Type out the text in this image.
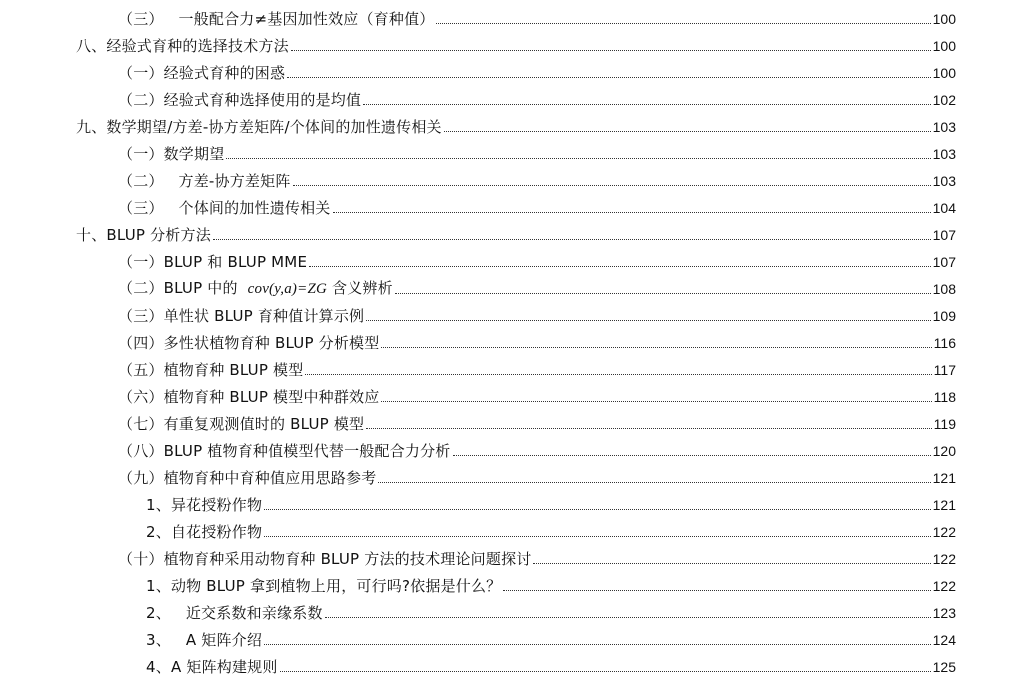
（三）   一般配合力≠基因加性效应（育种值）	100
八、经验式育种的选择技术方法	100
（一）经验式育种的困惑	100
（二）经验式育种选择使用的是均值	102
九、数学期望/方差-协方差矩阵/个体间的加性遗传相关	103
（一）数学期望	103
（二）   方差-协方差矩阵	103
（三）   个体间的加性遗传相关	104
十、BLUP 分析方法	107
（一）BLUP 和 BLUP MME	107
（二）BLUP 中的  cov(y,a)=ZG 含义辨析	108
（三）单性状 BLUP 育种值计算示例	109
（四）多性状植物育种 BLUP 分析模型	116
（五）植物育种 BLUP 模型	117
（六）植物育种 BLUP 模型中种群效应	118
（七）有重复观测值时的 BLUP 模型	119
（八）BLUP 植物育种值模型代替一般配合力分析	120
（九）植物育种中育种值应用思路参考	121
1、异花授粉作物	121
2、自花授粉作物	122
（十）植物育种采用动物育种 BLUP 方法的技术理论问题探讨	122
1、动物 BLUP 拿到植物上用，可行吗?依据是什么？	122
2、   近交系数和亲缘系数	123
3、   A 矩阵介绍	124
4、A 矩阵构建规则	125
